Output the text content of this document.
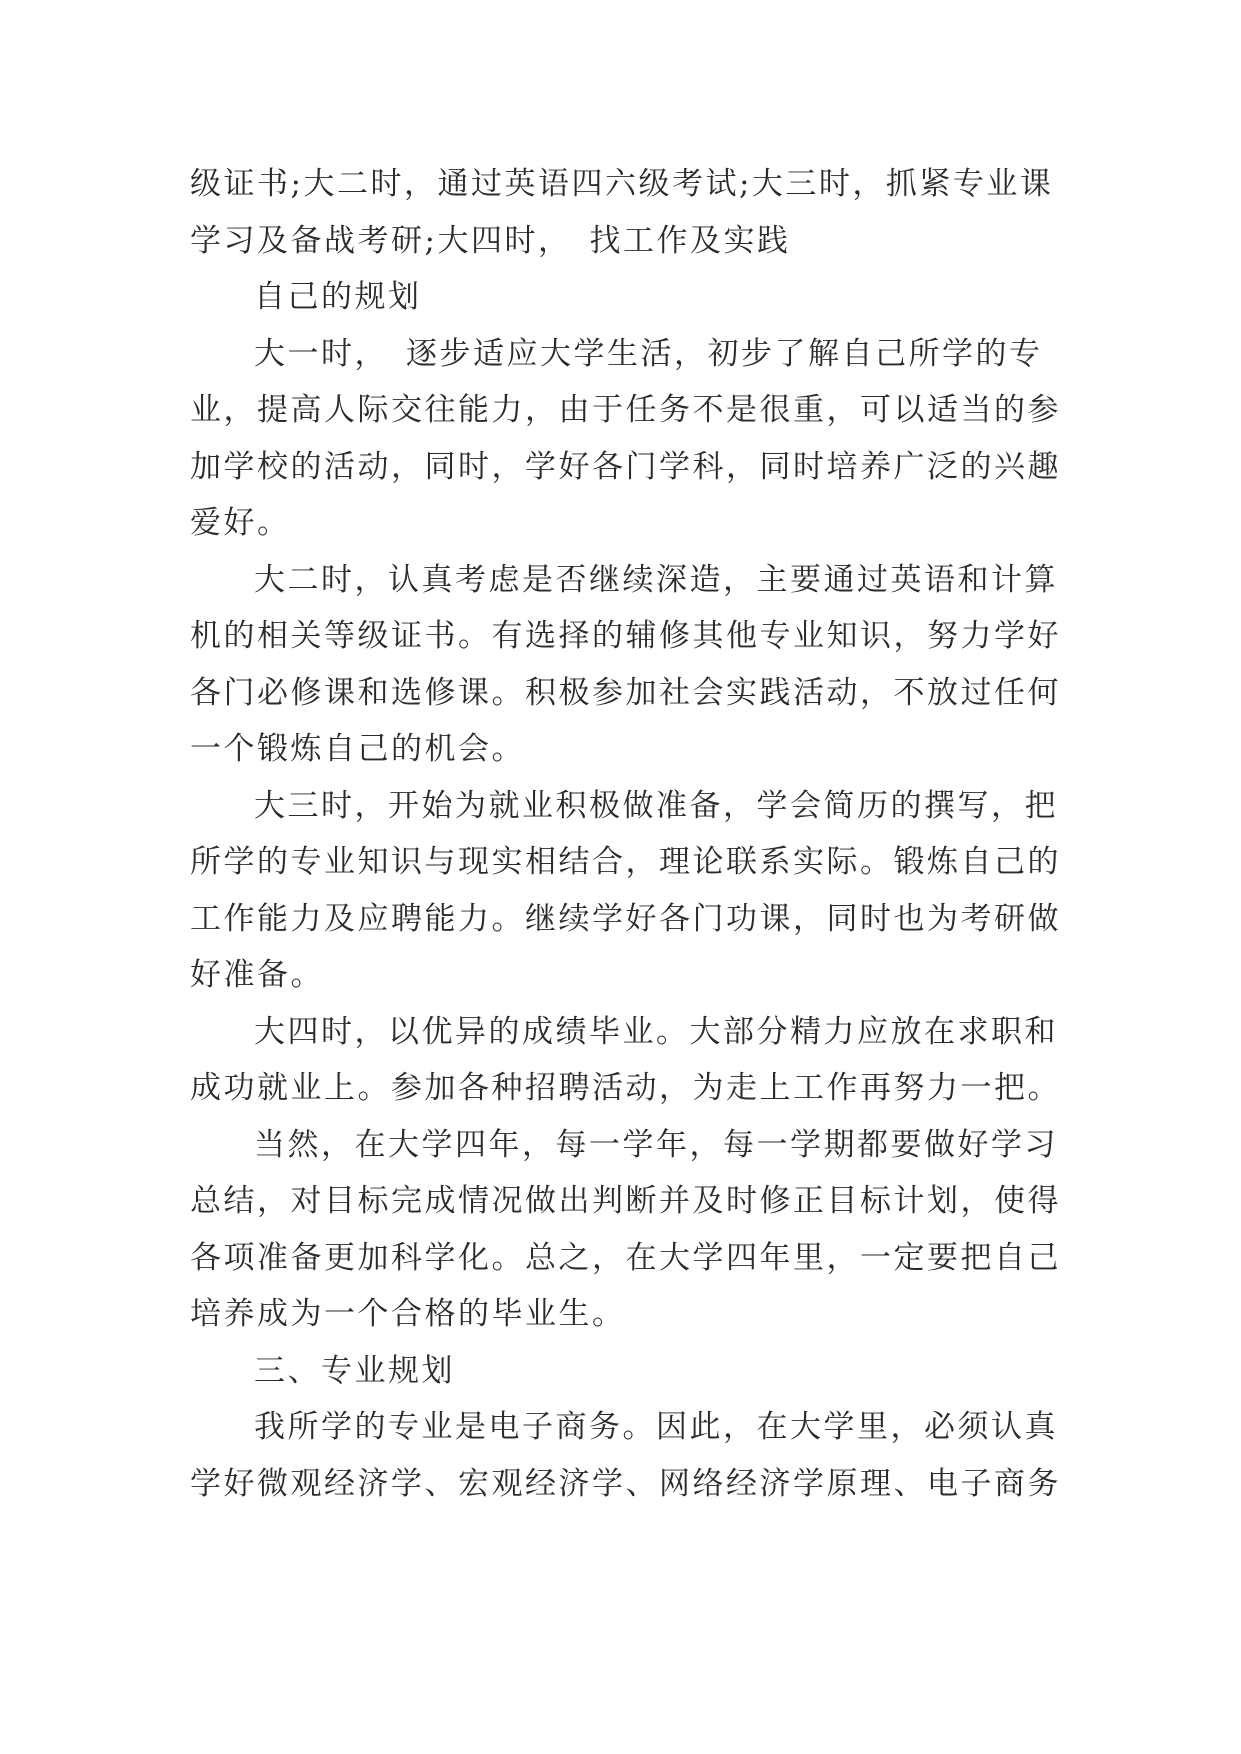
级证书;大二时，通过英语四六级考试;大三时，抓紧专业课
学习及备战考研;大四时，　找工作及实践

自己的规划

大一时，　逐步适应大学生活，初步了解自己所学的专
业，提高人际交往能力，由于任务不是很重，可以适当的参
加学校的活动，同时，学好各门学科，同时培养广泛的兴趣
爱好。

大二时，认真考虑是否继续深造，主要通过英语和计算
机的相关等级证书。有选择的辅修其他专业知识，努力学好
各门必修课和选修课。积极参加社会实践活动，不放过任何
一个锻炼自己的机会。

大三时，开始为就业积极做准备，学会简历的撰写，把
所学的专业知识与现实相结合，理论联系实际。锻炼自己的
工作能力及应聘能力。继续学好各门功课，同时也为考研做
好准备。

大四时，以优异的成绩毕业。大部分精力应放在求职和
成功就业上。参加各种招聘活动，为走上工作再努力一把。

当然，在大学四年，每一学年，每一学期都要做好学习
总结，对目标完成情况做出判断并及时修正目标计划，使得
各项准备更加科学化。总之，在大学四年里，一定要把自己
培养成为一个合格的毕业生。

三、专业规划

我所学的专业是电子商务。因此，在大学里，必须认真
学好微观经济学、宏观经济学、网络经济学原理、电子商务
